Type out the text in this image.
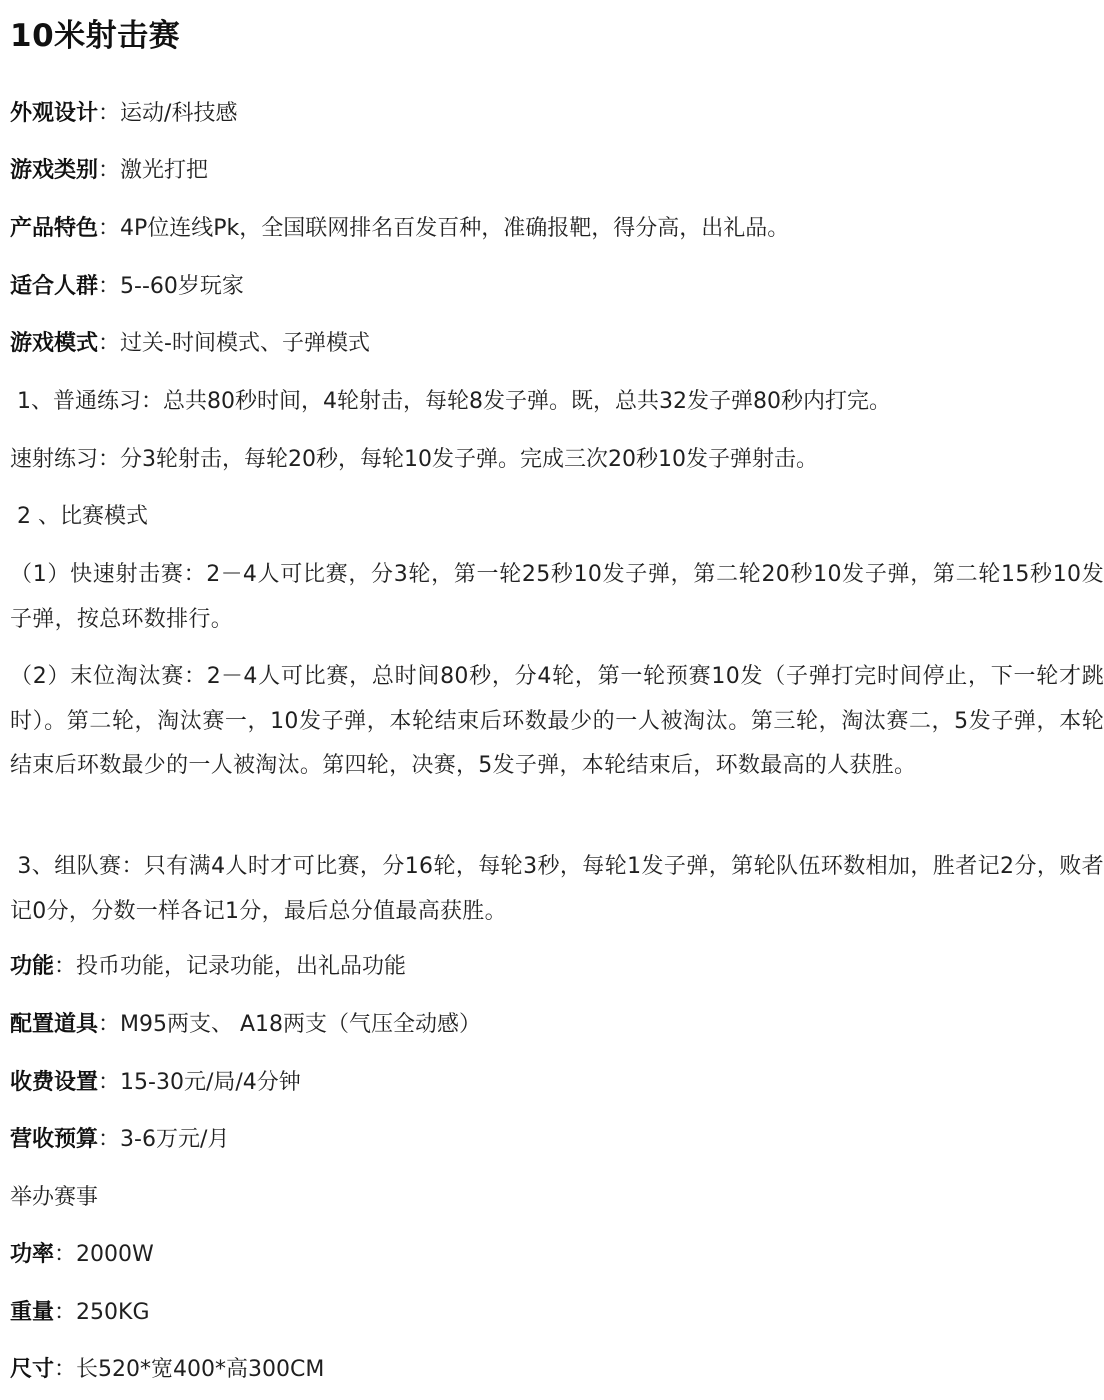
10米射击赛

外观设计：运动/科技感

游戏类别：激光打把

产品特色：4P位连线Pk，全国联网排名百发百种，准确报靶，得分高，出礼品。

适合人群：5--60岁玩家

游戏模式：过关-时间模式、子弹模式

1、普通练习：总共80秒时间，4轮射击，每轮8发子弹。既，总共32发子弹80秒内打完。

速射练习：分3轮射击，每轮20秒，每轮10发子弹。完成三次20秒10发子弹射击。

2 、比赛模式

（1）快速射击赛：2－4人可比赛，分3轮，第一轮25秒10发子弹，第二轮20秒10发子弹，第二轮15秒10发子弹，按总环数排行。

（2）末位淘汰赛：2－4人可比赛，总时间80秒，分4轮，第一轮预赛10发（子弹打完时间停止，下一轮才跳时）。第二轮，淘汰赛一，10发子弹，本轮结束后环数最少的一人被淘汰。第三轮，淘汰赛二，5发子弹，本轮结束后环数最少的一人被淘汰。第四轮，决赛，5发子弹，本轮结束后，环数最高的人获胜。

3、组队赛：只有满4人时才可比赛，分16轮，每轮3秒，每轮1发子弹，第轮队伍环数相加，胜者记2分，败者记0分，分数一样各记1分，最后总分值最高获胜。

功能：投币功能，记录功能，出礼品功能

配置道具：M95两支、 A18两支（气压全动感）

收费设置：15-30元/局/4分钟

营收预算：3-6万元/月

举办赛事

功率：2000W

重量：250KG

尺寸：长520*宽400*高300CM
